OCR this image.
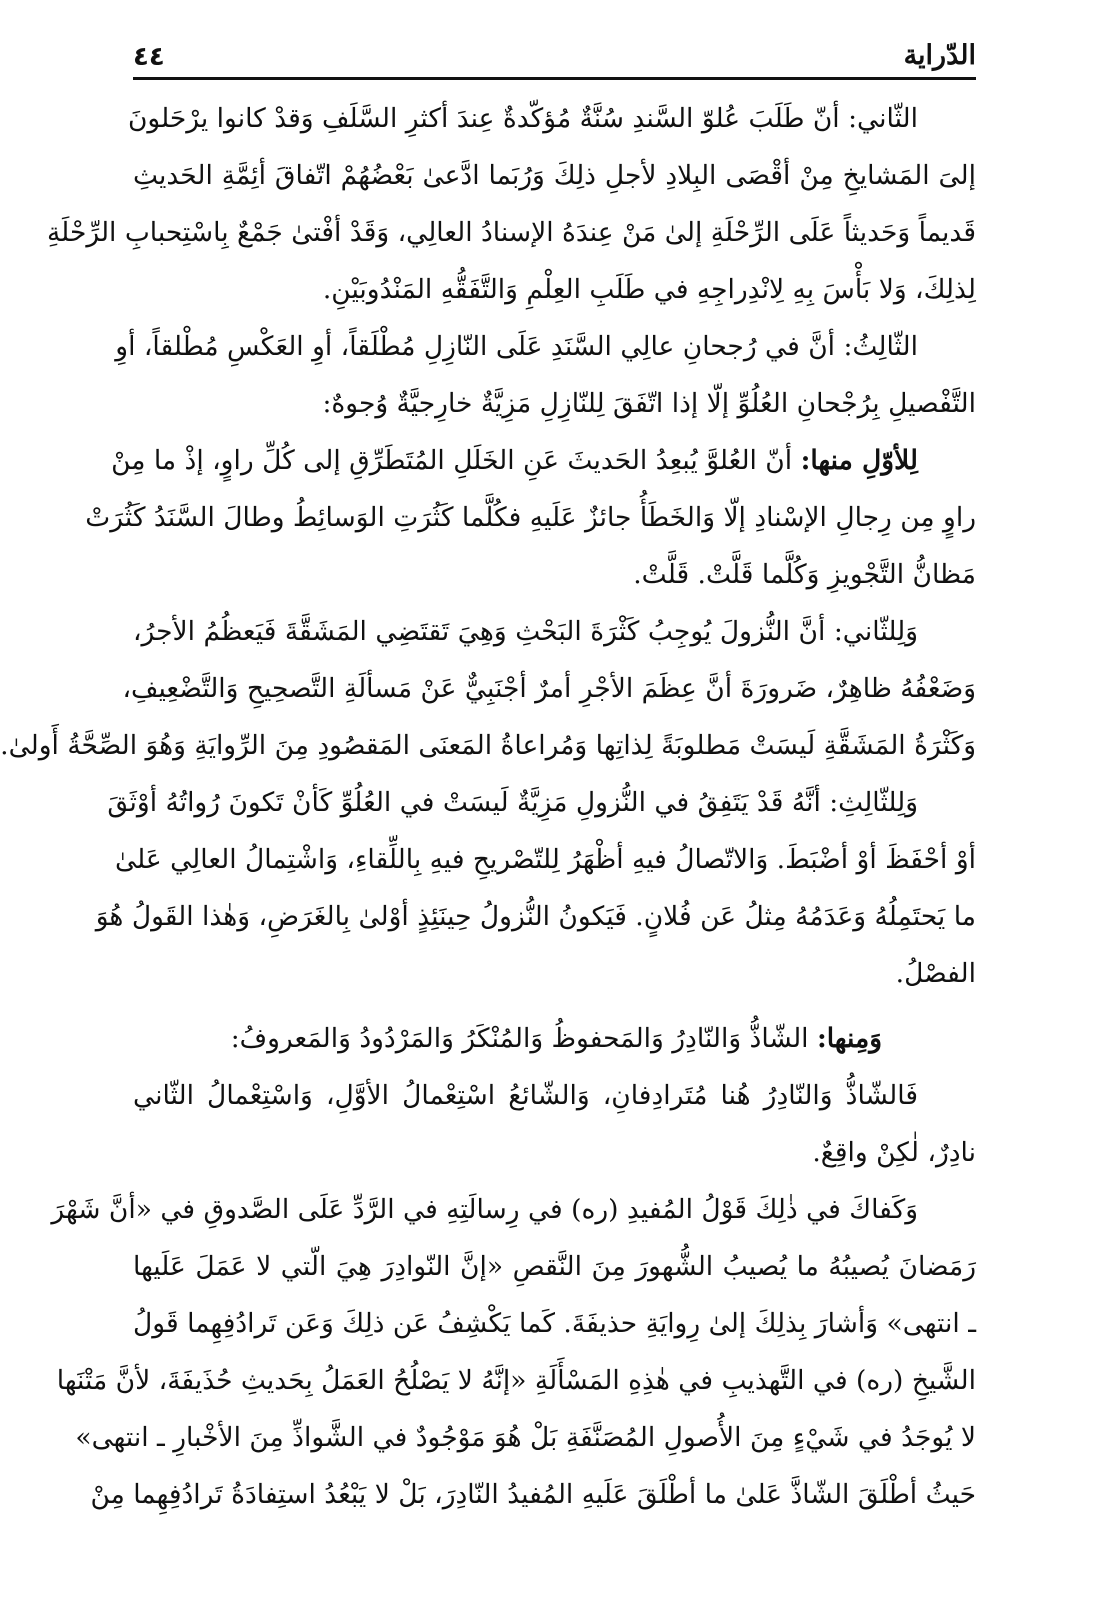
٤٤	الدّراية
الثّاني: أنّ طَلَبَ عُلوّ السَّندِ سُنَّةٌ مُؤكّدةٌ عِندَ أكثرِ السَّلَفِ وَقدْ كانوا يرْحَلونَ
إلىَ المَشايخِ مِنْ أقْصَى البِلادِ لأجلِ ذلِكَ وَرُبَما ادَّعىٰ بَعْضُهُمْ اتّفاقَ أئِمَّةِ الحَديثِ
قَديماً وَحَديثاً عَلَى الرِّحْلَةِ إلىٰ مَنْ عِندَهُ الإسنادُ العالِي، وَقَدْ أفْتىٰ جَمْعٌ بِاسْتِحبابِ الرِّحْلَةِ
لِذلِكَ، وَلا بَأْسَ بِهِ لِانْدِراجِهِ في طَلَبِ العِلْمِ وَالتَّفَقُّهِ المَنْدُوبَيْنِ.
الثّالِثُ: أنَّ في رُجحانِ عالِي السَّنَدِ عَلَى النّازِلِ مُطْلَقاً، أوِ العَكْسِ مُطْلقاً، أوِ
التَّفْصيلِ بِرُجْحانِ العُلُوِّ إلّا إذا اتّفَقَ لِلنّازِلِ مَزِيَّةٌ خارِجيَّةٌ وُجوهٌ:
لِلأوّلِ منها: أنّ العُلوَّ يُبعِدُ الحَديثَ عَنِ الخَلَلِ المُتَطَرِّقِ إلى كُلِّ راوٍ، إذْ ما مِنْ
راوٍ مِن رِجالِ الإسْنادِ إلّا وَالخَطَأُ جائزٌ عَلَيهِ فكُلَّما كَثُرَتِ الوَسائِطُ وطالَ السَّنَدُ كَثُرَتْ
مَظانُّ التَّجْويزِ وَكُلَّما قَلَّتْ. قَلَّتْ.
وَلِلثّاني: أنَّ النُّزولَ يُوجِبُ كَثْرَةَ البَحْثِ وَهِيَ تَقتَضِي المَشَقَّةَ فَيَعظُمُ الأجرُ،
وَضَعْفُهُ ظاهِرٌ، ضَرورَةَ أنَّ عِظَمَ الأجْرِ أمرٌ أجْنَبِيٌّ عَنْ مَسألَةِ التَّصحِيحِ وَالتَّضْعِيفِ،
وَكَثْرَةُ المَشَقَّةِ لَيسَتْ مَطلوبَةً لِذاتِها وَمُراعاةُ المَعنَى المَقصُودِ مِنَ الرِّوايَةِ وَهُوَ الصِّحَّةُ أَولىٰ.
وَلِلثّالِثِ: أنَّهُ قَدْ يَتَفِقُ في النُّزولِ مَزِيَّةٌ لَيسَتْ في العُلُوِّ كَأنْ تَكونَ رُواتُهُ أوْثَقَ
أوْ أحْفَظَ أوْ أضْبَطَ. وَالاتّصالُ فيهِ أظْهَرُ لِلتّصْريحِ فيهِ بِاللِّقاءِ، وَاشْتِمالُ العالِي عَلىٰ
ما يَحتَمِلُهُ وَعَدَمُهُ مِثلُ عَن فُلانٍ. فَيَكونُ النُّزولُ حِينَئِذٍ أوْلىٰ بِالغَرَضِ، وَهٰذا القَولُ هُوَ
الفصْلُ.
وَمِنها: الشّاذُّ وَالنّادِرُ وَالمَحفوظُ وَالمُنْكَرُ وَالمَرْدُودُ وَالمَعروفُ:
فَالشّاذُّ وَالنّادِرُ هُنا مُتَرادِفانِ، وَالشّائعُ اسْتِعْمالُ الأوَّلِ، وَاسْتِعْمالُ الثّاني
نادِرٌ، لٰكِنْ واقِعٌ.
وَكَفاكَ في ذٰلِكَ قَوْلُ المُفيدِ (ره) في رِسالَتِهِ في الرَّدِّ عَلَى الصَّدوقِ في «أنَّ شَهْرَ
رَمَضانَ يُصيبُهُ ما يُصيبُ الشُّهورَ مِنَ النَّقصِ «إنَّ النّوادِرَ هِيَ الّتي لا عَمَلَ عَلَيها
ـ انتهى» وَأشارَ بِذلِكَ إلىٰ رِوايَةِ حذيفَةَ. كَما يَكْشِفُ عَن ذلِكَ وَعَن تَرادُفِهِما قَولُ
الشَّيخِ (ره) في التَّهذيبِ في هٰذِهِ المَسْأَلَةِ «إنَّهُ لا يَصْلُحُ العَمَلُ بِحَديثِ حُذَيفَةَ، لأنَّ مَتْنَها
لا يُوجَدُ في شَيْءٍ مِنَ الأُصولِ المُصَنَّفَةِ بَلْ هُوَ مَوْجُودٌ في الشَّواذِّ مِنَ الأخْبارِ ـ انتهى»
حَيثُ أطْلَقَ الشّاذَّ عَلىٰ ما أطْلَقَ عَلَيهِ المُفيدُ النّادِرَ، بَلْ لا يَبْعُدُ استِفادَةُ تَرادُفِهِما مِنْ
